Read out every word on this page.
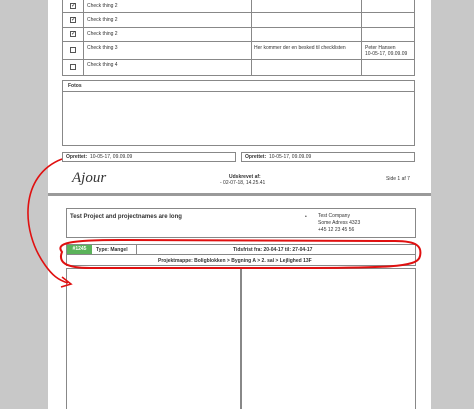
✓ Check thing 2
✓ Check thing 2
✓ Check thing 2
Check thing 3	Her kommer der en besked til checklisten	Peter Hansen
10-05-17, 09.09.09
Check thing 4
Fotos
Oprettet: 10-05-17, 09.09.09	Oprettet: 10-05-17, 09.09.09
Ajour	Udskrevet af:
- 02-07-18, 14.25.41
Side 1 af 7
Test Project and projectnames are long	• Test Company
Some Adress 4323
+45 12 23 45 56
#1245	Type: Mangel	Tidsfrist fra: 20-04-17 til: 27-04-17
Projektmappe: Boligblokken > Bygning A > 2. sal > Lejlighed 13F
